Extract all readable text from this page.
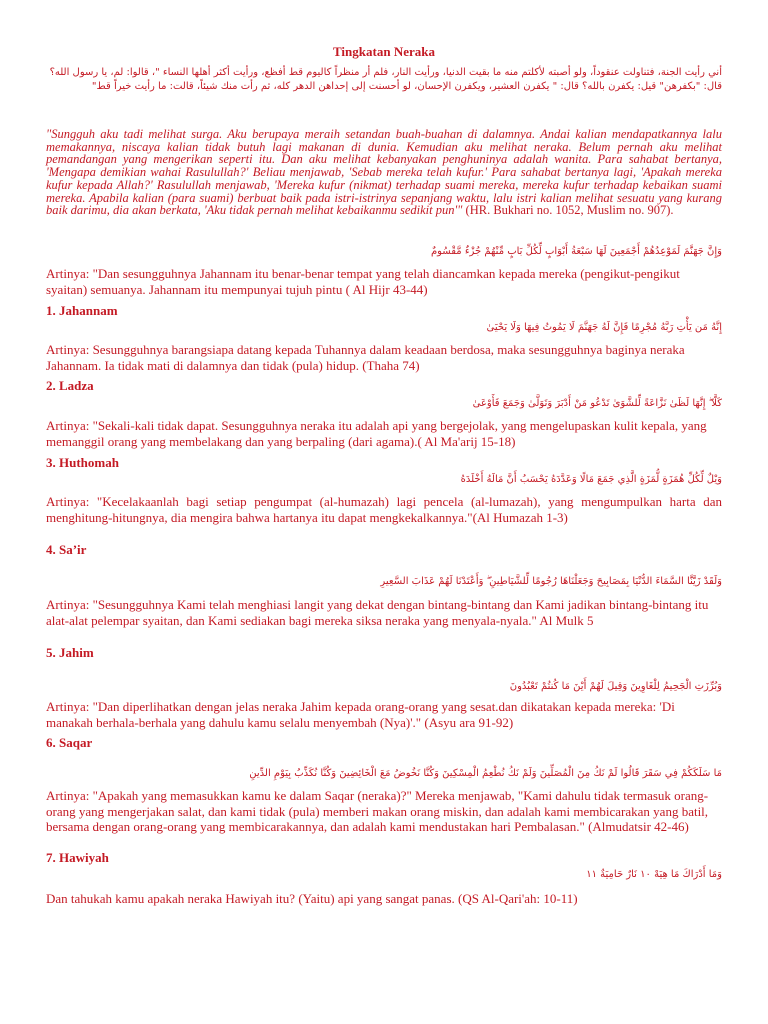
Tingkatan Neraka
أني رأيت الجنة، فتناولت عنقوداً، ولو أصبته لأكلتم منه ما بقيت الدنيا، ورأيت النار، فلم أر منظراً كاليوم قط أفظع، ورأيت أكثر أهلها النساء "، قالوا: لم، يا رسول الله؟ قال: "بكفرهن" قيل: يكفرن بالله؟ قال: " يكفرن العشير، ويكفرن الإحسان، لو أحسنت إلى إحداهن الدهر كله، ثم رأت منك شيئاً، قالت: ما رأيت خيراً قط"
"Sungguh aku tadi melihat surga. Aku berupaya meraih setandan buah-buahan di dalamnya. Andai kalian mendapatkannya lalu memakannya, niscaya kalian tidak butuh lagi makanan di dunia. Kemudian aku melihat neraka. Belum pernah aku melihat pemandangan yang mengerikan seperti itu. Dan aku melihat kebanyakan penghuninya adalah wanita. Para sahabat bertanya, 'Mengapa demikian wahai Rasulullah?' Beliau menjawab, 'Sebab mereka telah kufur.' Para sahabat bertanya lagi, 'Apakah mereka kufur kepada Allah?' Rasulullah menjawab, 'Mereka kufur (nikmat) terhadap suami mereka, mereka kufur terhadap kebaikan suami mereka. Apabila kalian (para suami) berbuat baik pada istri-istrinya sepanjang waktu, lalu istri kalian melihat sesuatu yang kurang baik darimu, dia akan berkata, 'Aku tidak pernah melihat kebaikanmu sedikit pun'" (HR. Bukhari no. 1052, Muslim no. 907).
وَإِنَّ جَهَنَّمَ لَمَوْعِدُهُمْ أَجْمَعِينَ لَهَا سَبْعَةُ أَبْوَابٍ لِّكُلِّ بَابٍ مِّنْهُمْ جُزْءٌ مَّقْسُومٌ
Artinya: "Dan sesungguhnya Jahannam itu benar-benar tempat yang telah diancamkan kepada mereka (pengikut-pengikut syaitan) semuanya. Jahannam itu mempunyai tujuh pintu ( Al Hijr 43-44)
1. Jahannam
إِنَّهُ مَن يَأْتِ رَبَّهُ مُجْرِمًا فَإِنَّ لَهُ جَهَنَّمَ لَا يَمُوتُ فِيهَا وَلَا يَحْيَىٰ
Artinya: Sesungguhnya barangsiapa datang kepada Tuhannya dalam keadaan berdosa, maka sesungguhnya baginya neraka Jahannam. Ia tidak mati di dalamnya dan tidak (pula) hidup. (Thaha 74)
2. Ladza
كَلَّا ۖ إِنَّهَا لَظَىٰ نَزَّاعَةً لِّلشَّوَىٰ تَدْعُو مَنْ أَدْبَرَ وَتَوَلَّىٰ وَجَمَعَ فَأَوْعَىٰ
Artinya: "Sekali-kali tidak dapat. Sesungguhnya neraka itu adalah api yang bergejolak, yang mengelupaskan kulit kepala, yang memanggil orang yang membelakang dan yang berpaling (dari agama).( Al Ma'arij 15-18)
3. Huthomah
وَيْلٌ لِّكُلِّ هُمَزَةٍ لُّمَزَةٍ الَّذِي جَمَعَ مَالًا وَعَدَّدَهُ يَحْسَبُ أَنَّ مَالَهُ أَخْلَدَهُ
Artinya: "Kecelakaanlah bagi setiap pengumpat (al-humazah) lagi pencela (al-lumazah), yang mengumpulkan harta dan menghitung-hitungnya, dia mengira bahwa hartanya itu dapat mengkekalkannya."(Al Humazah 1-3)
4. Sa’ir
وَلَقَدْ زَيَّنَّا السَّمَاءَ الدُّنْيَا بِمَصَابِيحَ وَجَعَلْنَاهَا رُجُومًا لِّلشَّيَاطِينِ ۖ وَأَعْتَدْنَا لَهُمْ عَذَابَ السَّعِيرِ
Artinya: "Sesungguhnya Kami telah menghiasi langit yang dekat dengan bintang-bintang dan Kami jadikan bintang-bintang itu alat-alat pelempar syaitan, dan Kami sediakan bagi mereka siksa neraka yang menyala-nyala." Al Mulk 5
5. Jahim
وَبُرِّزَتِ الْجَحِيمُ لِلْغَاوِينَ وَقِيلَ لَهُمْ أَيْنَ مَا كُنتُمْ تَعْبُدُونَ
Artinya: "Dan diperlihatkan dengan jelas neraka Jahim kepada orang-orang yang sesat.dan dikatakan kepada mereka: 'Di manakah berhala-berhala yang dahulu kamu selalu menyembah (Nya)'." (Asyu ara 91-92)
6. Saqar
مَا سَلَكَكُمْ فِي سَقَرَ قَالُوا لَمْ نَكُ مِنَ الْمُصَلِّينَ وَلَمْ نَكُ نُطْعِمُ الْمِسْكِينَ وَكُنَّا نَخُوضُ مَعَ الْخَائِضِينَ وَكُنَّا نُكَذِّبُ بِيَوْمِ الدِّينِ
Artinya: "Apakah yang memasukkan kamu ke dalam Saqar (neraka)?" Mereka menjawab, "Kami dahulu tidak termasuk orang-orang yang mengerjakan salat, dan kami tidak (pula) memberi makan orang miskin, dan adalah kami membicarakan yang batil, bersama dengan orang-orang yang membicarakannya, dan adalah kami mendustakan hari Pembalasan." (Almudatsir 42-46)
7. Hawiyah
وَمَا أَدْرَاكَ مَا هِيَهْ ١٠ نَارٌ حَامِيَةٌ ١١
Dan tahukah kamu apakah neraka Hawiyah itu? (Yaitu) api yang sangat panas. (QS Al-Qari'ah: 10-11)
